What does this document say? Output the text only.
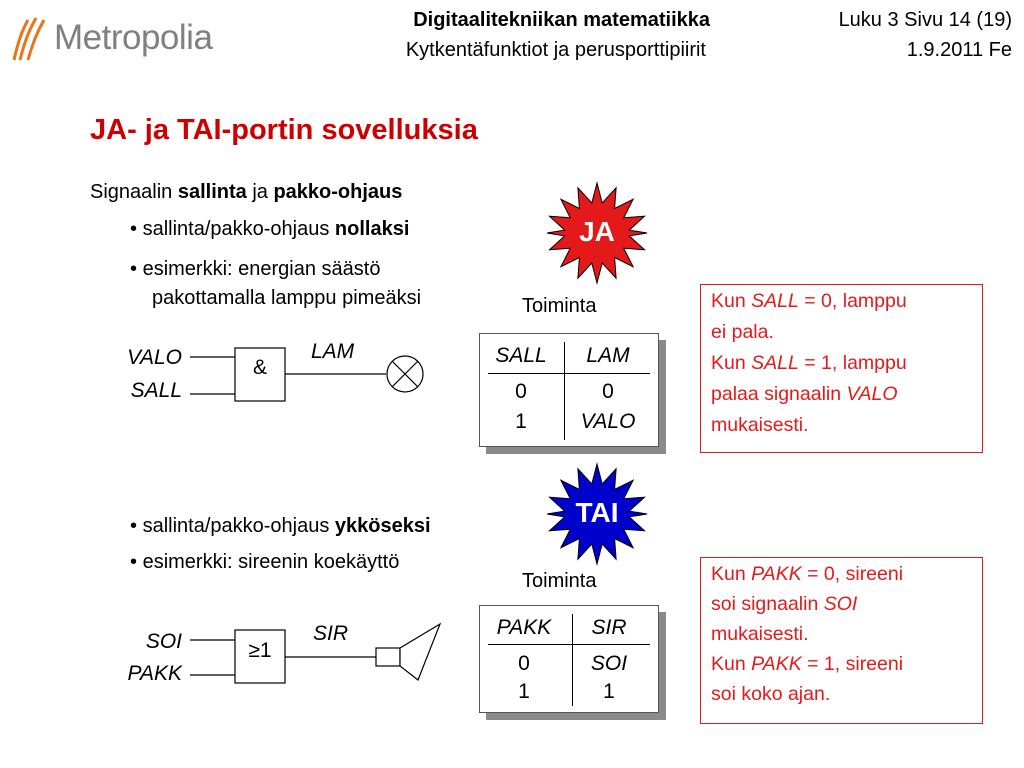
Metropolia	Digitaalitekniikan matematiikka
Kytkentäfunktiot ja perusporttipiirit
Luku 3 Sivu 14 (19)
1.9.2011 Fe
JA- ja TAI-portin sovelluksia
Signaalin sallinta ja pakko-ohjaus
• sallinta/pakko-ohjaus nollaksi
• esimerkki: energian säästö
pakottamalla lamppu pimeäksi
JA
Toiminta
SALL	LAM
0	0
1	VALO
Kun SALL = 0, lamppu
ei pala.
Kun SALL = 1, lamppu
palaa signaalin VALO
mukaisesti.
VALO
SALL
LAM
&
• sallinta/pakko-ohjaus ykköseksi
• esimerkki: sireenin koekäyttö
TAI
Toiminta
PAKK	SIR
0	SOI
1	1
Kun PAKK = 0, sireeni
soi signaalin SOI
mukaisesti.
Kun PAKK = 1, sireeni
soi koko ajan.
SOI
PAKK
SIR
≥1
